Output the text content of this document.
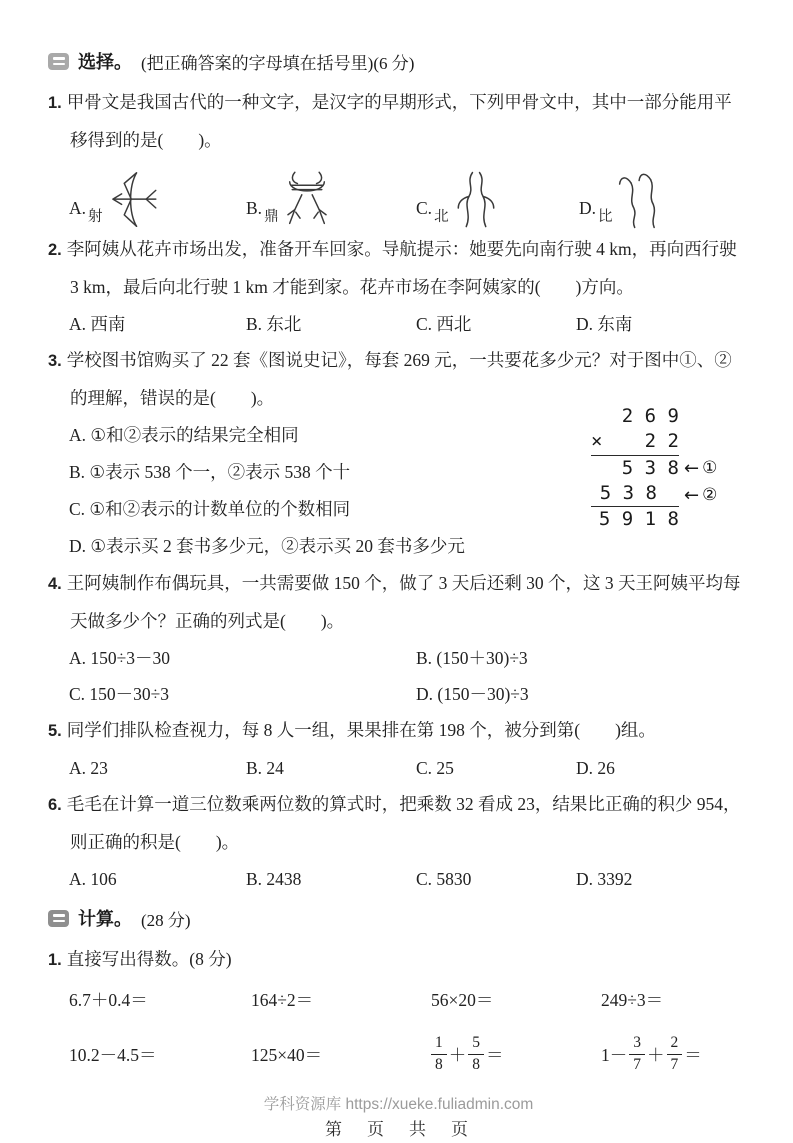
选择。 (把正确答案的字母填在括号里)(6 分)

1. 甲骨文是我国古代的一种文字，是汉字的早期形式，下列甲骨文中，其中一部分能用平移得到的是(　　)。

A. 射	B. 鼎	C. 北	D. 比

2. 李阿姨从花卉市场出发，准备开车回家。导航提示：她要先向南行驶 4 km，再向西行驶 3 km，最后向北行驶 1 km 才能到家。花卉市场在李阿姨家的(　　)方向。

A. 西南	B. 东北	C. 西北	D. 东南

3. 学校图书馆购买了 22 套《图说史记》，每套 269 元，一共要花多少元？对于图中①、②的理解，错误的是(　　)。

A. ①和②表示的结果完全相同

B. ①表示 538 个一，②表示 538 个十

C. ①和②表示的计数单位的个数相同

D. ①表示买 2 套书多少元，②表示买 20 套书多少元

2 6 9
× 2 2
5 3 8
5 3 8
5 9 1 8
← ①
← ②

4. 王阿姨制作布偶玩具，一共需要做 150 个，做了 3 天后还剩 30 个，这 3 天王阿姨平均每天做多少个？正确的列式是(　　)。

A. 150÷3－30	B. (150＋30)÷3
C. 150－30÷3	D. (150－30)÷3

5. 同学们排队检查视力，每 8 人一组，果果排在第 198 个，被分到第(　　)组。

A. 23	B. 24	C. 25	D. 26

6. 毛毛在计算一道三位数乘两位数的算式时，把乘数 32 看成 23，结果比正确的积少 954，则正确的积是(　　)。

A. 106	B. 2438	C. 5830	D. 3392
计算。 (28 分)

1. 直接写出得数。(8 分)

6.7＋0.4＝	164÷2＝	56×20＝	249÷3＝
10.2－4.5＝	125×40＝	$\frac{1}{8} + \frac{5}{8}$ ＝	$1- \frac{3}{7} + \frac{2}{7}$ ＝
学科资源库 https://xueke.fuliadmin.com
第　页　共　页
